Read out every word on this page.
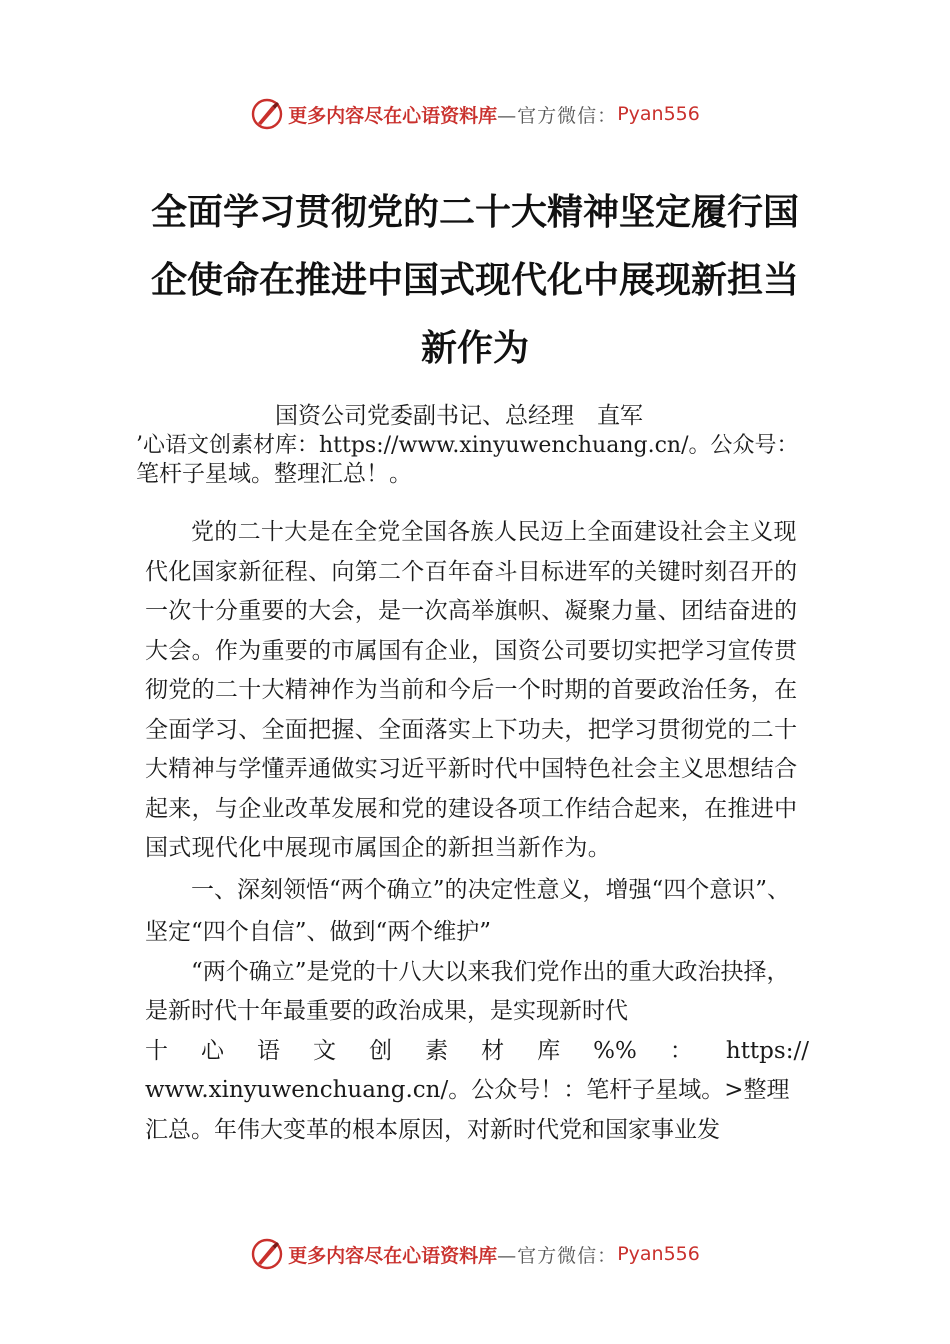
更多内容尽在心语资料库 —官方微信： Pyan556
全面学习贯彻党的二十大精神坚定履行国
企使命在推进中国式现代化中展现新担当
新作为
国资公司党委副书记、总经理　直军
’心语文创素材库：https://www.xinyuwenchuang.cn/。公众号：
笔杆子星域。整理汇总！。

党的二十大是在全党全国各族人民迈上全面建设社会主义现代化国家新征程、向第二个百年奋斗目标进军的关键时刻召开的一次十分重要的大会，是一次高举旗帜、凝聚力量、团结奋进的大会。作为重要的市属国有企业，国资公司要切实把学习宣传贯彻党的二十大精神作为当前和今后一个时期的首要政治任务，在全面学习、全面把握、全面落实上下功夫，把学习贯彻党的二十大精神与学懂弄通做实习近平新时代中国特色社会主义思想结合起来，与企业改革发展和党的建设各项工作结合起来，在推进中国式现代化中展现市属国企的新担当新作为。

一、深刻领悟“两个确立”的决定性意义，增强“四个意识”、坚定“四个自信”、做到“两个维护”

“两个确立”是党的十八大以来我们党作出的重大政治抉择，是新时代十年最重要的政治成果，是实现新时代

十 心 语 文 创 素 材 库 %% ： https://

www.xinyuwenchuang.cn/。公众号！：笔杆子星域。>整理汇总。年伟大变革的根本原因，对新时代党和国家事业发

更多内容尽在心语资料库 —官方微信： Pyan556
